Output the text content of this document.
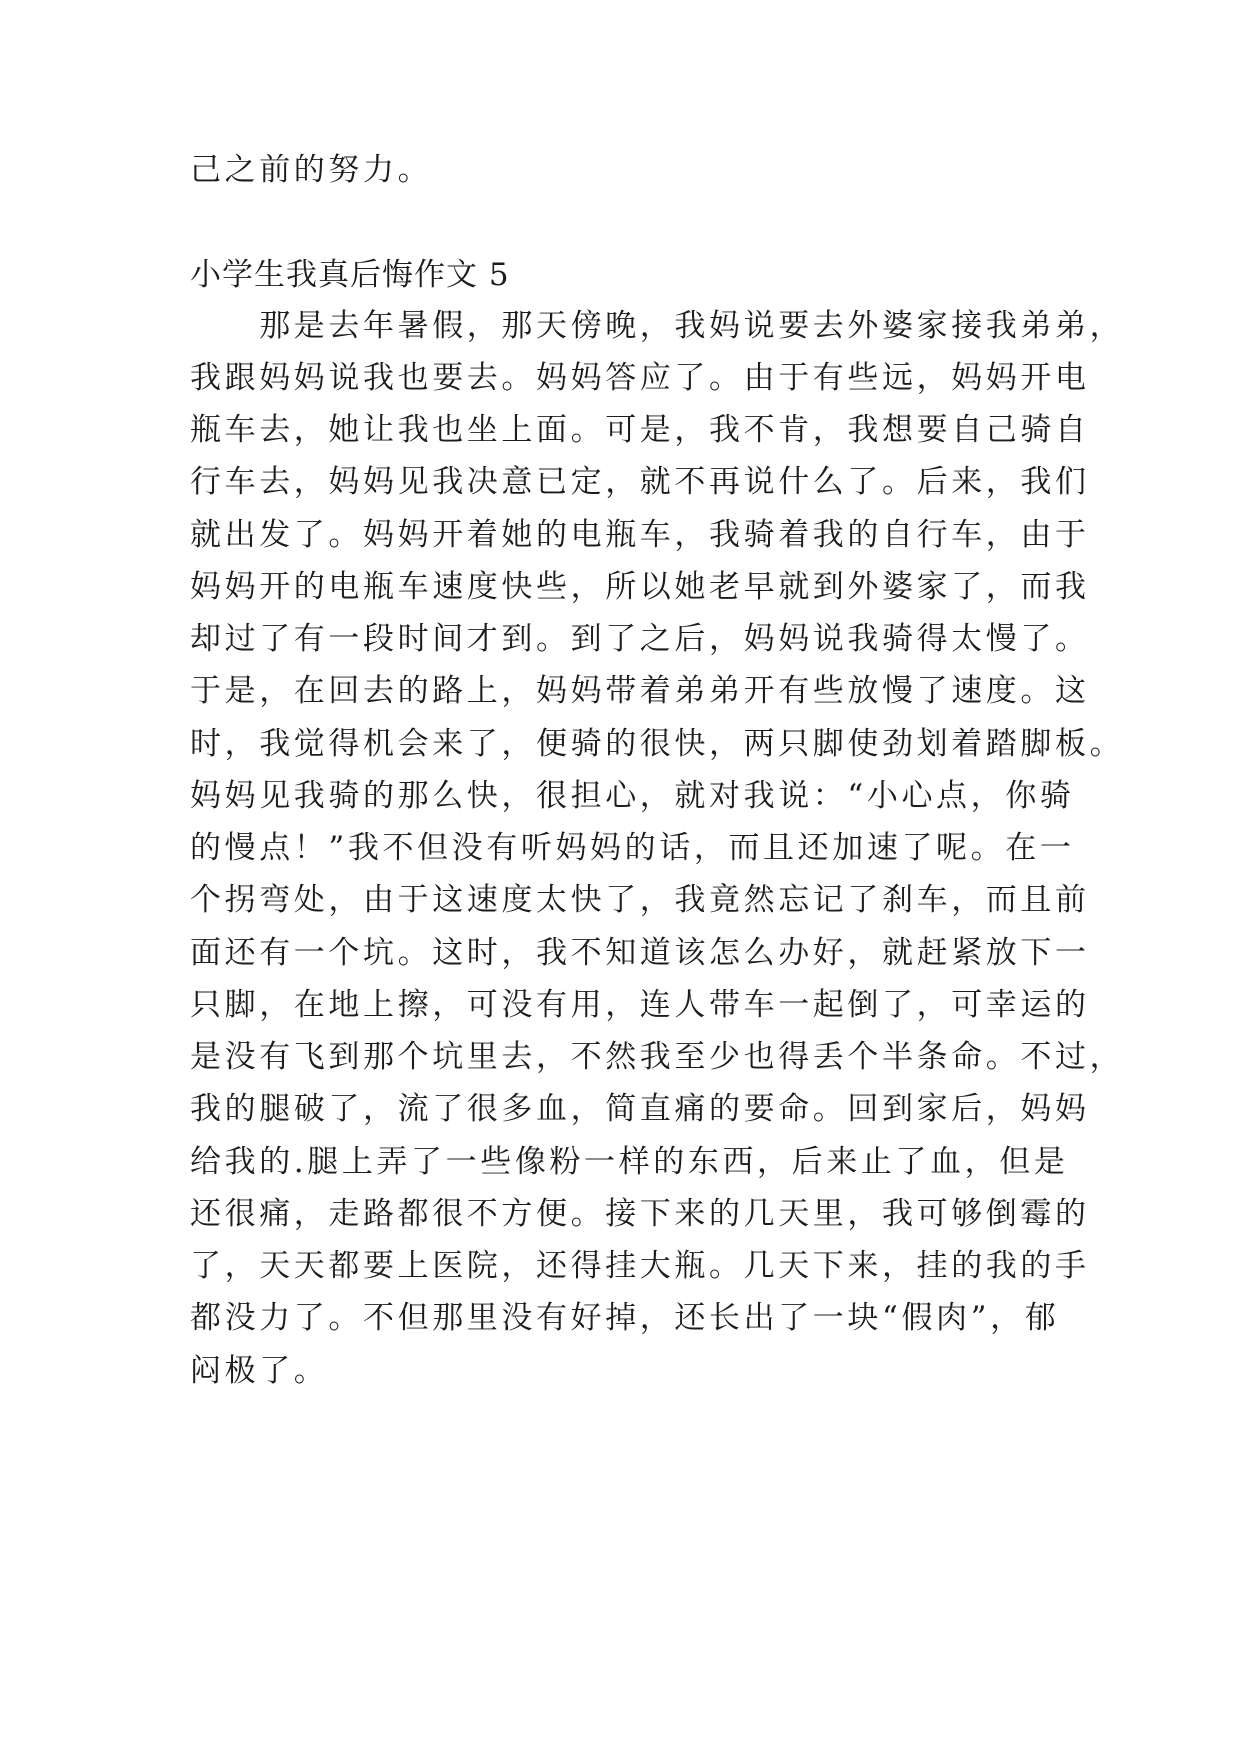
己之前的努力。
小学生我真后悔作文 5
　　那是去年暑假，那天傍晚，我妈说要去外婆家接我弟弟，
我跟妈妈说我也要去。妈妈答应了。由于有些远，妈妈开电
瓶车去，她让我也坐上面。可是，我不肯，我想要自己骑自
行车去，妈妈见我决意已定，就不再说什么了。后来，我们
就出发了。妈妈开着她的电瓶车，我骑着我的自行车，由于
妈妈开的电瓶车速度快些，所以她老早就到外婆家了，而我
却过了有一段时间才到。到了之后，妈妈说我骑得太慢了。
于是，在回去的路上，妈妈带着弟弟开有些放慢了速度。这
时，我觉得机会来了，便骑的很快，两只脚使劲划着踏脚板。
妈妈见我骑的那么快，很担心，就对我说：“小心点，你骑
的慢点！”我不但没有听妈妈的话，而且还加速了呢。在一
个拐弯处，由于这速度太快了，我竟然忘记了刹车，而且前
面还有一个坑。这时，我不知道该怎么办好，就赶紧放下一
只脚，在地上擦，可没有用，连人带车一起倒了，可幸运的
是没有飞到那个坑里去，不然我至少也得丢个半条命。不过，
我的腿破了，流了很多血，简直痛的要命。回到家后，妈妈
给我的.腿上弄了一些像粉一样的东西，后来止了血，但是
还很痛，走路都很不方便。接下来的几天里，我可够倒霉的
了，天天都要上医院，还得挂大瓶。几天下来，挂的我的手
都没力了。不但那里没有好掉，还长出了一块“假肉”，郁
闷极了。
